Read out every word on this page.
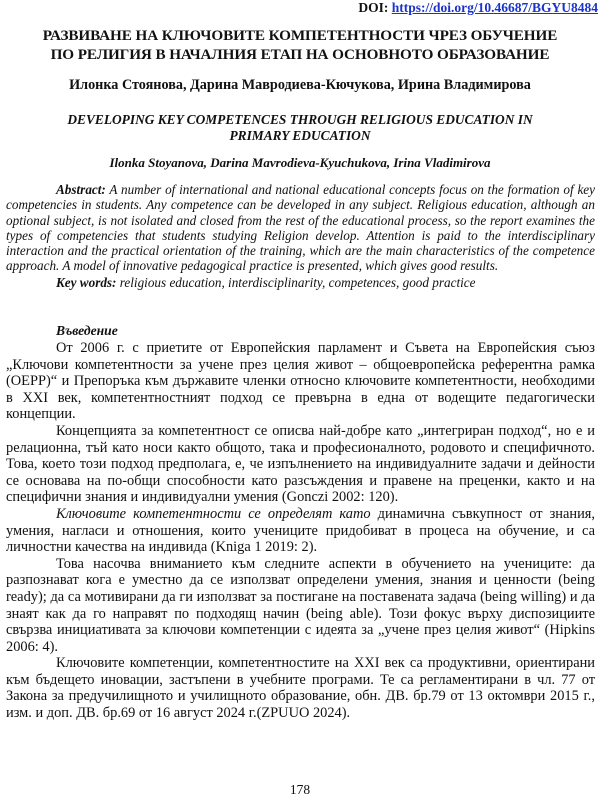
DOI: https://doi.org/10.46687/BGYU8484
РАЗВИВАНЕ НА КЛЮЧОВИТЕ КОМПЕТЕНТНОСТИ ЧРЕЗ ОБУЧЕНИЕ
ПО РЕЛИГИЯ В НАЧАЛНИЯ ЕТАП НА ОСНОВНОТО ОБРАЗОВАНИЕ
Илонка Стоянова, Дарина Мавродиева-Кючукова, Ирина Владимирова
DEVELOPING KEY COMPETENCES THROUGH RELIGIOUS EDUCATION IN
PRIMARY EDUCATION
Ilonka Stoyanova, Darina Mavrodieva-Kyuchukova, Irina Vladimirova

Abstract: A number of international and national educational concepts focus on the formation of key competencies in students. Any competence can be developed in any subject. Religious education, although an optional subject, is not isolated and closed from the rest of the educational process, so the report examines the types of competencies that students studying Religion develop. Attention is paid to the interdisciplinary interaction and the practical orientation of the training, which are the main characteristics of the competence approach. A model of innovative pedagogical practice is presented, which gives good results.

Key words: religious education, interdisciplinarity, competences, good practice

Въведение

От 2006 г. с приетите от Европейския парламент и Съвета на Европейския съюз „Ключови компетентности за учене през целия живот – общоевропейска референтна рамка (ОЕРР)“ и Препоръка към държавите членки относно ключовите компетентности, необходими в XXI век, компетентностният подход се превърна в една от водещите педагогически концепции.

Концепцията за компетентност се описва най-добре като „интегриран подход“, но е и релационна, тъй като носи както общото, така и професионалното, родовото и специфичното. Това, което този подход предполага, е, че изпълнението на индивидуалните задачи и дейности се основава на по-общи способности като разсъждения и правене на преценки, както и на специфични знания и индивидуални умения (Gonczi 2002: 120).

Ключовите компетентности се определят като динамична съвкупност от знания, умения, нагласи и отношения, които учениците придобиват в процеса на обучение, и са личностни качества на индивида (Kniga 1 2019: 2).

Това насочва вниманието към следните аспекти в обучението на учениците: да разпознават кога е уместно да се използват определени умения, знания и ценности (being ready); да са мотивирани да ги използват за постигане на поставената задача (being willing) и да знаят как да го направят по подходящ начин (being able). Този фокус върху диспозициите свързва инициативата за ключови компетенции с идеята за „учене през целия живот“ (Hipkins 2006: 4).

Ключовите компетенции, компетентностите на XXI век са продуктивни, ориентирани към бъдещето иновации, застъпени в учебните програми. Те са регламентирани в чл. 77 от Закона за предучилищното и училищното образование, обн. ДВ. бр.79 от 13 октомври 2015 г., изм. и доп. ДВ. бр.69 от 16 август 2024 г.(ZPUUO 2024).

178
